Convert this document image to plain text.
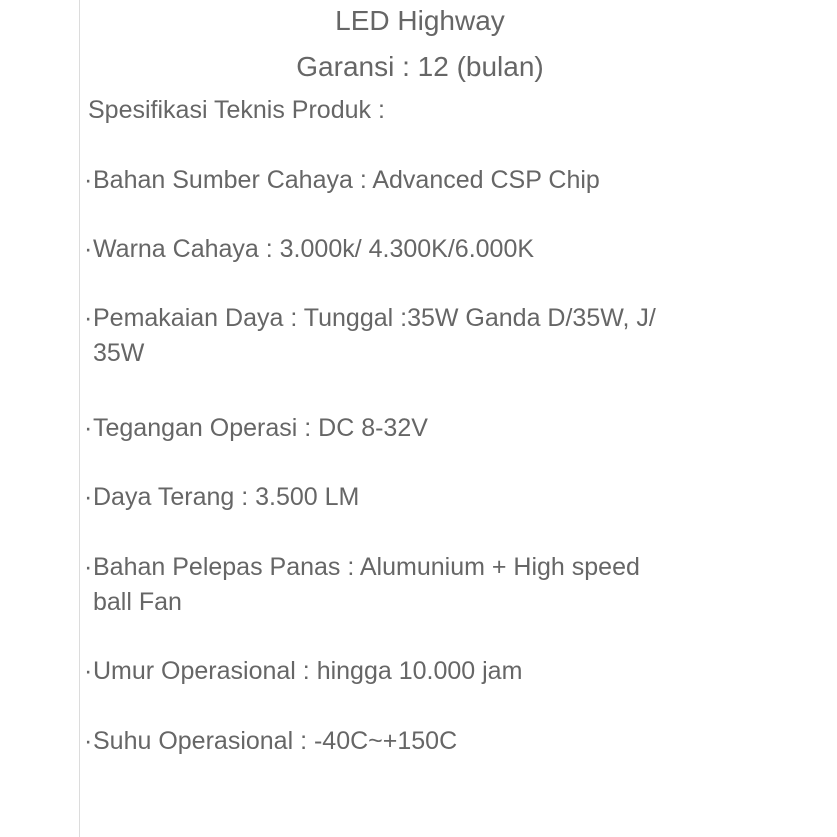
LED Highway
Garansi : 12 (bulan)
Spesifikasi Teknis Produk :
·Bahan Sumber Cahaya : Advanced CSP Chip
·Warna Cahaya : 3.000k/ 4.300K/6.000K
·Pemakaian Daya : Tunggal :35W Ganda D/35W, J/
35W
·Tegangan Operasi : DC 8-32V
·Daya Terang : 3.500 LM
·Bahan Pelepas Panas : Alumunium + High speed
ball Fan
·Umur Operasional : hingga 10.000 jam
·Suhu Operasional : -40C~+150C
